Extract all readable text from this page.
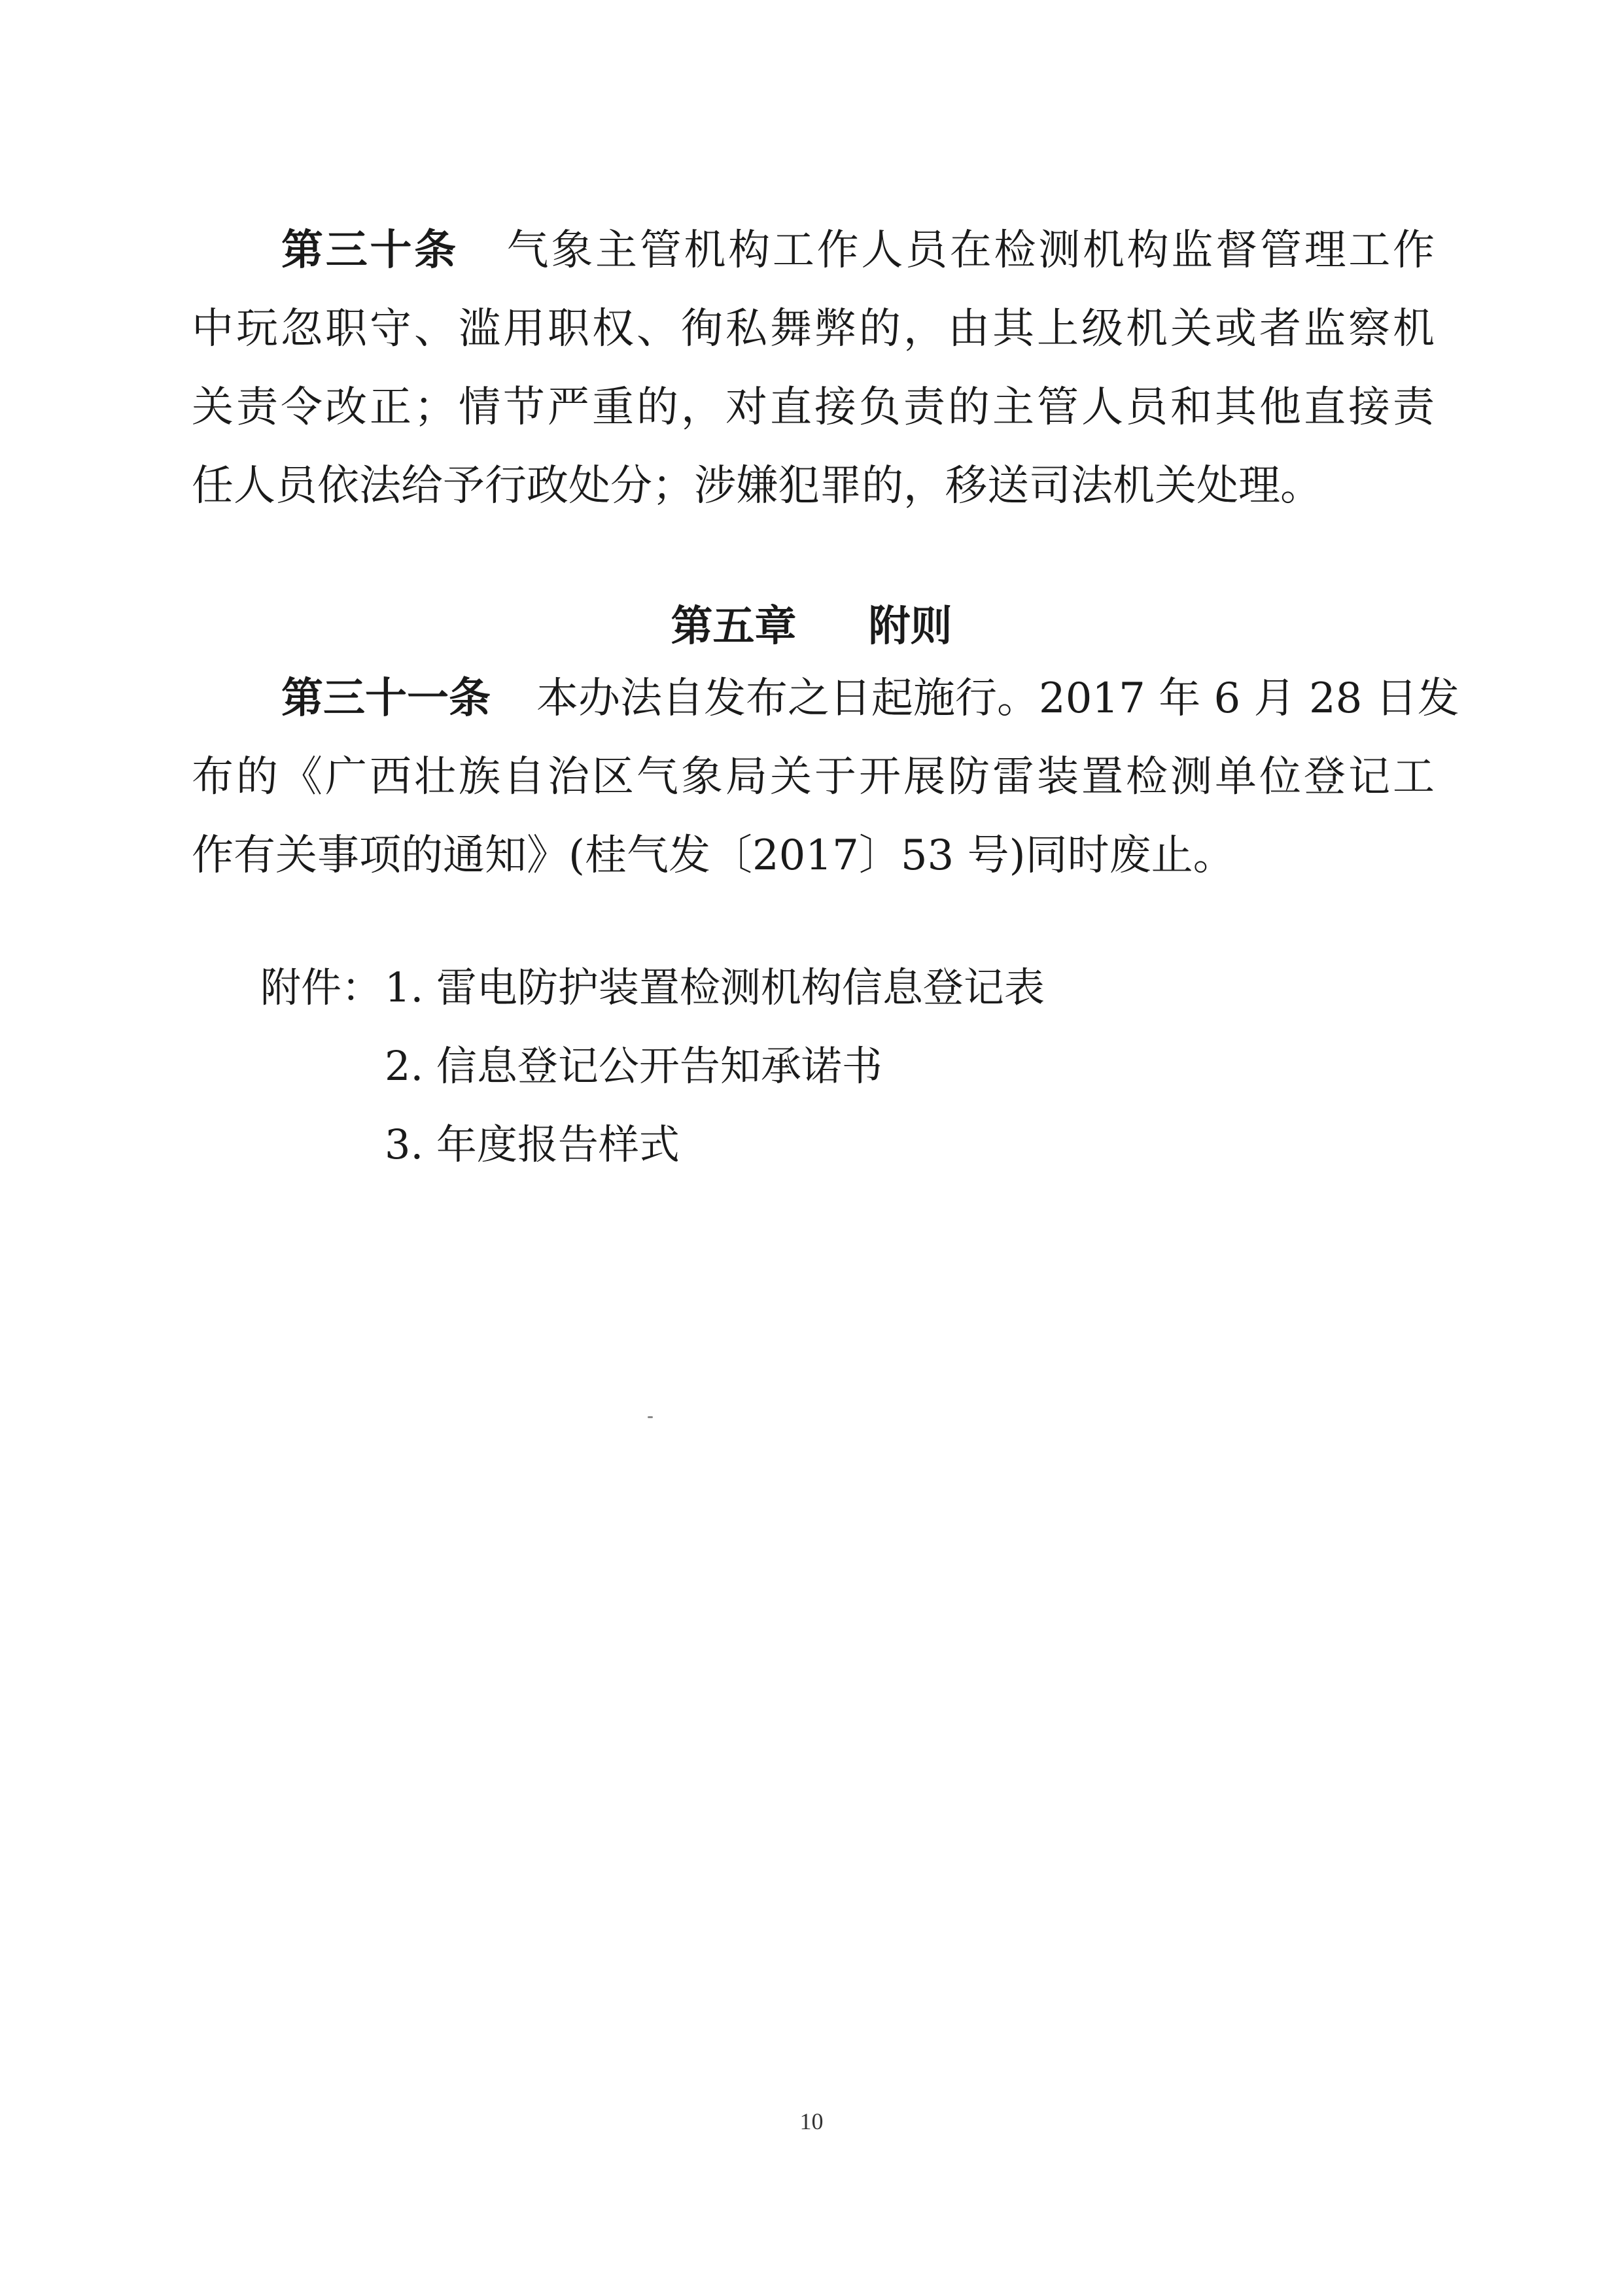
第三十条 气象主管机构工作人员在检测机构监督管理工作
中玩忽职守、滥用职权、徇私舞弊的，由其上级机关或者监察机
关责令改正；情节严重的，对直接负责的主管人员和其他直接责
任人员依法给予行政处分；涉嫌犯罪的，移送司法机关处理。
第五章 附则
第三十一条 本办法自发布之日起施行。2017 年 6 月 28 日发
布的《广西壮族自治区气象局关于开展防雷装置检测单位登记工
作有关事项的通知》(桂气发〔2017〕53 号)同时废止。
附件： 1. 雷电防护装置检测机构信息登记表
2. 信息登记公开告知承诺书
3. 年度报告样式
10
